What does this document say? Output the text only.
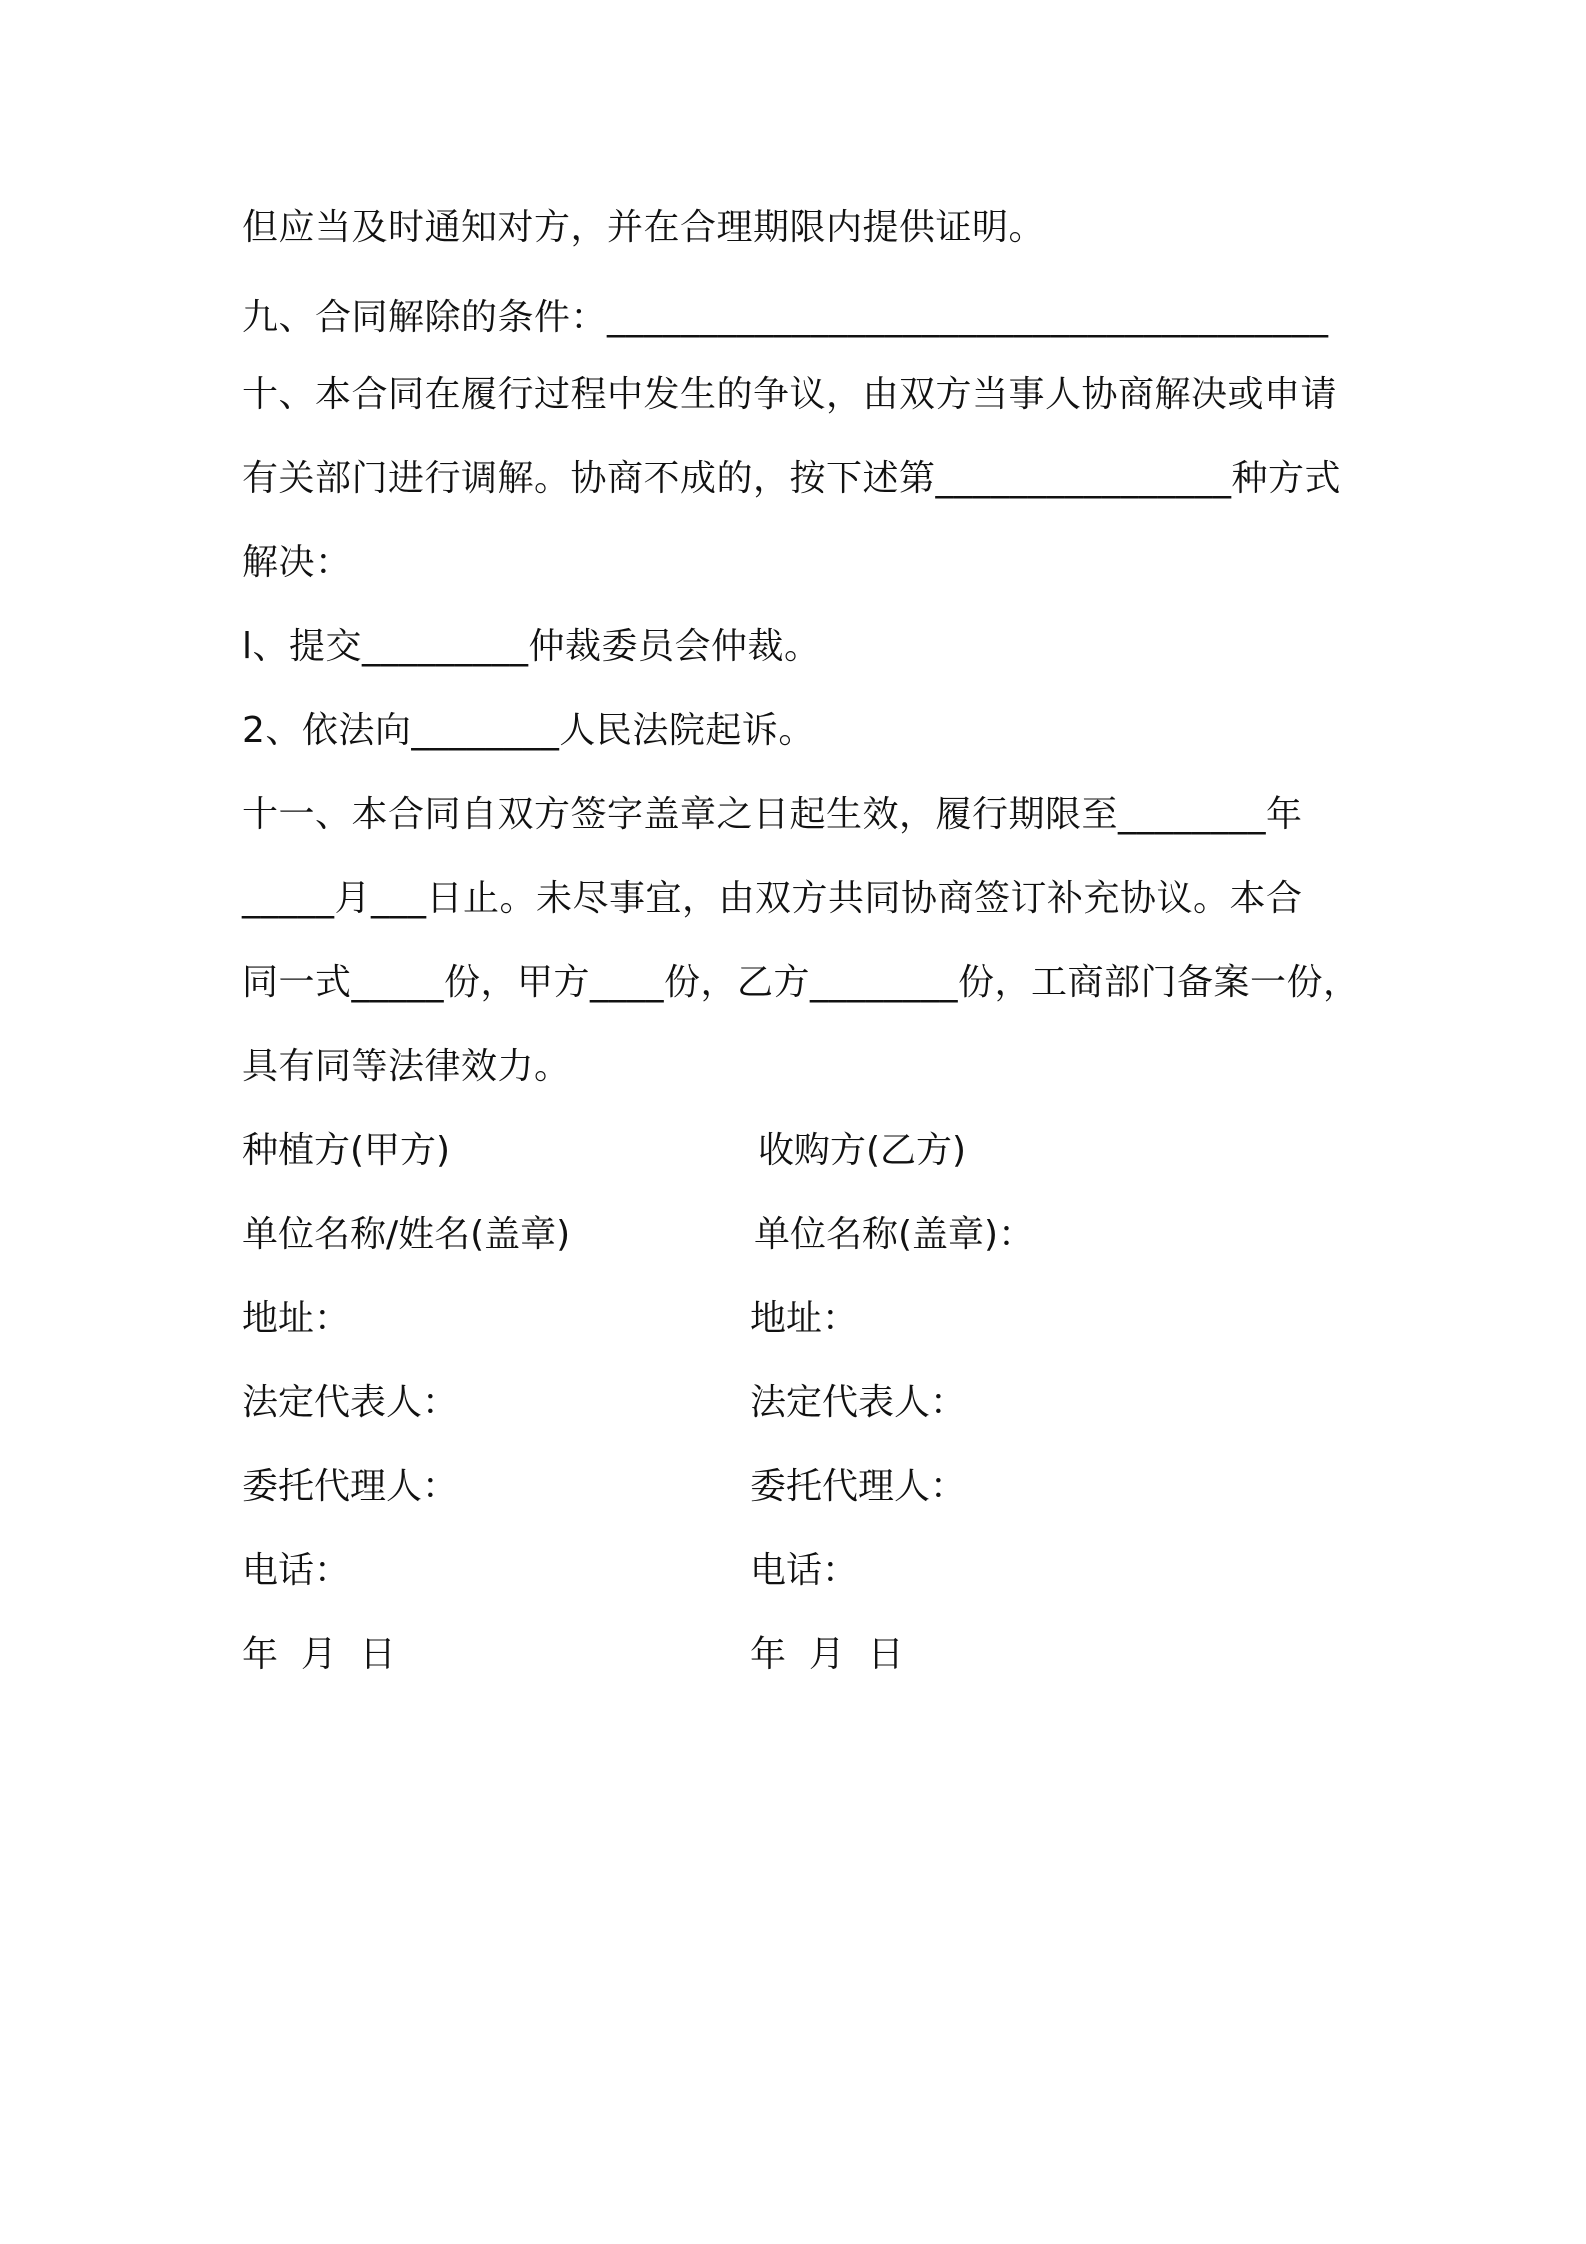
但应当及时通知对方，并在合理期限内提供证明。
九、合同解除的条件：_______________________________________
十、本合同在履行过程中发生的争议，由双方当事人协商解决或申请
有关部门进行调解。协商不成的，按下述第________________种方式
解决：
l、提交_________仲裁委员会仲裁。
2、依法向________人民法院起诉。
十一、本合同自双方签字盖章之日起生效，履行期限至________年
_____月___日止。未尽事宜，由双方共同协商签订补充协议。本合
同一式_____份，甲方____份，乙方________份，工商部门备案一份，
具有同等法律效力。
种植方(甲方)	收购方(乙方)
单位名称/姓名(盖章)	单位名称(盖章)：
地址：	地址：
法定代表人：	法定代表人：
委托代理人：	委托代理人：
电话：	电话：
年  月  日	年  月  日
